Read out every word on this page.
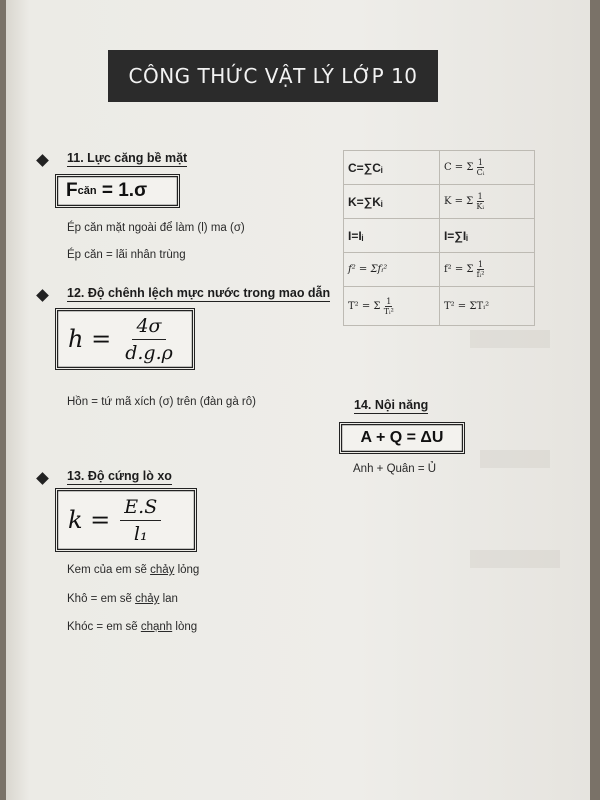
CÔNG THỨC VẬT LÝ LỚP 10
11. Lực căng bề mặt
F căn = 1.σ
Ép căn mặt ngoài để làm (l) ma (σ)
Ép căn = lãi nhân trùng
12. Độ chênh lệch mực nước trong mao dẫn
$h = \frac{4\sigma}{d.g.\rho}$
Hồn = tứ mã xích (σ) trên (đàn gà rô)
13. Độ cứng lò xo
$k = \frac{E.S}{\text{l₁}}$
Kem của em sẽ chảy lỏng
Khô = em sẽ chảy lan
Khóc = em sẽ chạnh lòng
C=∑Cᵢ	C = Σ $\frac{1}{\text{Cᵢ}}$

K=∑Kᵢ	K = Σ $\frac{1}{\text{Kᵢ}}$

I=Iᵢ	I=∑Iᵢ
f² = Σfᵢ²	f² = Σ $\frac{1}{\text{fᵢ²}}$

T² = Σ $\frac{1}{\text{Tᵢ²}}$	T² = ΣTᵢ²
14. Nội năng
A + Q = ΔU
Anh + Quân = Ủ
